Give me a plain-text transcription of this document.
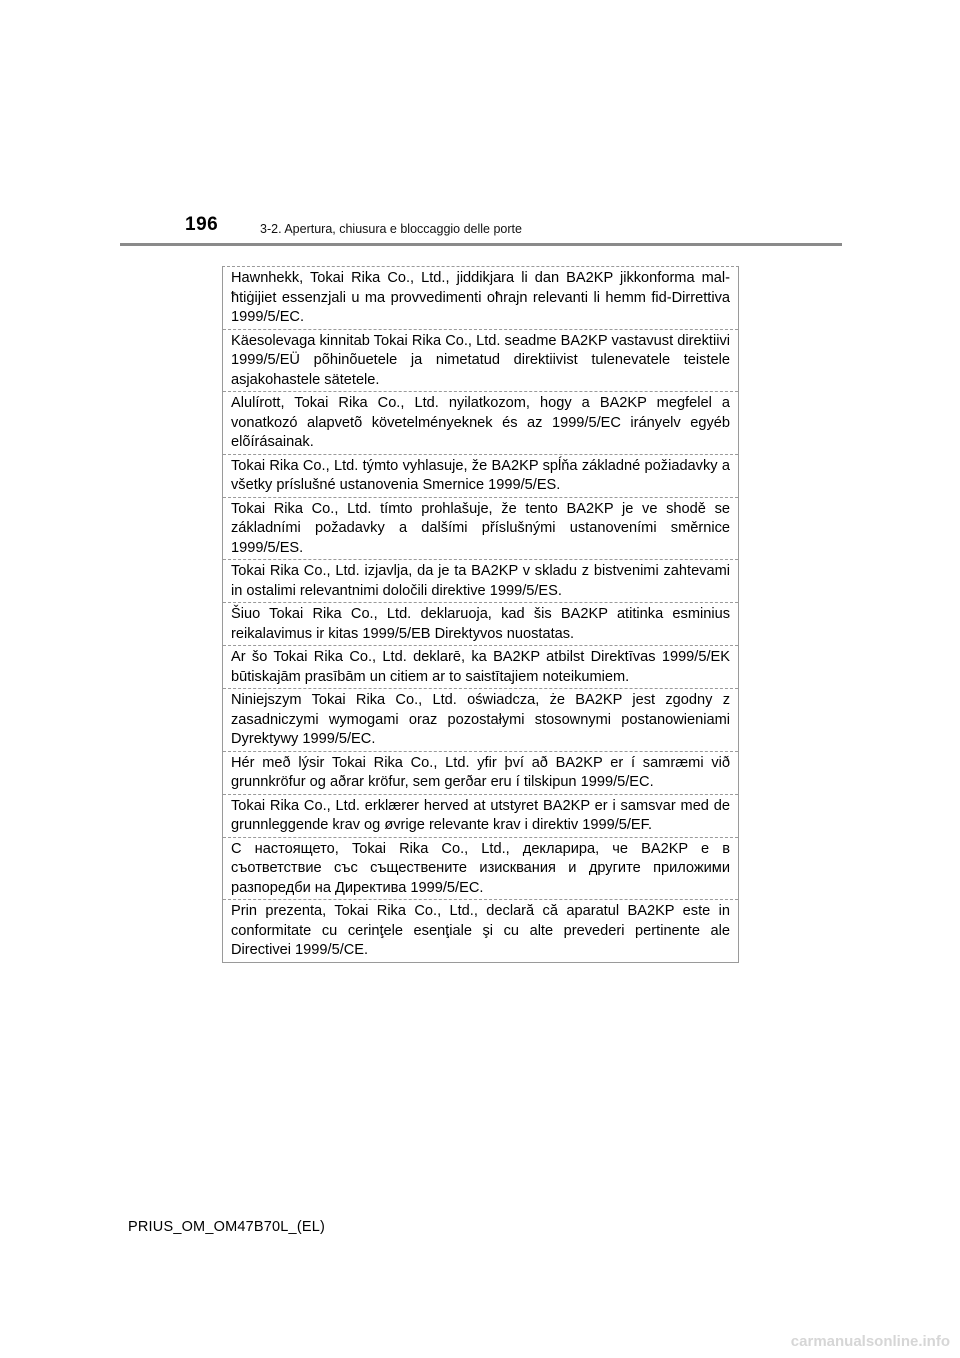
196	3-2. Apertura, chiusura e bloccaggio delle porte
Hawnhekk, Tokai Rika Co., Ltd., jiddikjara li dan BA2KP jikkonforma mal-ħtiġijiet essenzjali u ma provvedimenti oħrajn relevanti li hemm fid-Dirrettiva 1999/5/EC.
Käesolevaga kinnitab Tokai Rika Co., Ltd. seadme BA2KP vastavust direktiivi 1999/5/EÜ põhinõuetele ja nimetatud direktiivist tulenevatele teistele asjakohastele sätetele.
Alulírott, Tokai Rika Co., Ltd. nyilatkozom, hogy a BA2KP megfelel a vonatkozó alapvetõ követelményeknek és az 1999/5/EC irányelv egyéb elõírásainak.
Tokai Rika Co., Ltd. týmto vyhlasuje, že BA2KP spĺňa základné požiadavky a všetky príslušné ustanovenia Smernice 1999/5/ES.
Tokai Rika Co., Ltd. tímto prohlašuje, že tento BA2KP je ve shodě se základními požadavky a dalšími příslušnými ustanoveními směrnice 1999/5/ES.
Tokai Rika Co., Ltd. izjavlja, da je ta BA2KP v skladu z bistvenimi zahtevami in ostalimi relevantnimi določili direktive 1999/5/ES.
Šiuo Tokai Rika Co., Ltd. deklaruoja, kad šis BA2KP atitinka esminius reikalavimus ir kitas 1999/5/EB Direktyvos nuostatas.
Ar šo Tokai Rika Co., Ltd. deklarē, ka BA2KP atbilst Direktīvas 1999/5/EK būtiskajām prasībām un citiem ar to saistītajiem noteikumiem.
Niniejszym Tokai Rika Co., Ltd. oświadcza, że BA2KP jest zgodny z zasadniczymi wymogami oraz pozostałymi stosownymi postanowieniami Dyrektywy 1999/5/EC.
Hér með lýsir Tokai Rika Co., Ltd. yfir því að BA2KP er í samræmi við grunnkröfur og aðrar kröfur, sem gerðar eru í tilskipun 1999/5/EC.
Tokai Rika Co., Ltd. erklærer herved at utstyret BA2KP er i samsvar med de grunnleggende krav og øvrige relevante krav i direktiv 1999/5/EF.
С настоящето, Tokai Rika Co., Ltd., декларира, че BA2KP е в съответствие със съществените изисквания и другите приложими разпоредби на Директива 1999/5/ЕС.
Prin prezenta, Tokai Rika Co., Ltd., declară că aparatul BA2KP este in conformitate cu cerinţele esenţiale şi cu alte prevederi pertinente ale Directivei 1999/5/CE.
PRIUS_OM_OM47B70L_(EL)
carmanualsonline.info
